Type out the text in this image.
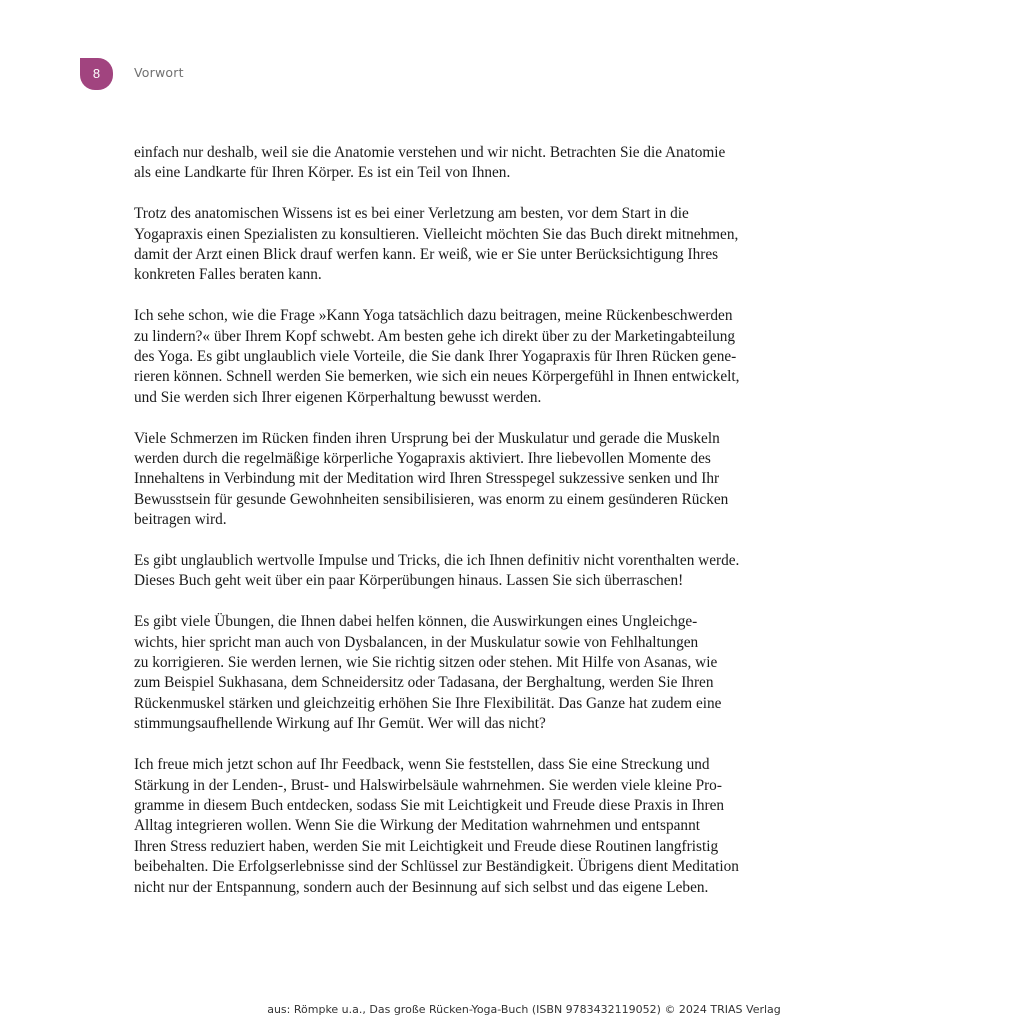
8	Vorwort

einfach nur deshalb, weil sie die Anatomie verstehen und wir nicht. Betrachten Sie die Anatomie
als eine Landkarte für Ihren Körper. Es ist ein Teil von Ihnen.

Trotz des anatomischen Wissens ist es bei einer Verletzung am besten, vor dem Start in die
Yogapraxis einen Spezialisten zu konsultieren. Vielleicht möchten Sie das Buch direkt mitnehmen,
damit der Arzt einen Blick drauf werfen kann. Er weiß, wie er Sie unter Berücksichtigung Ihres
konkreten Falles beraten kann.

Ich sehe schon, wie die Frage »Kann Yoga tatsächlich dazu beitragen, meine Rückenbeschwerden
zu lindern?« über Ihrem Kopf schwebt. Am besten gehe ich direkt über zu der Marketingabteilung
des Yoga. Es gibt unglaublich viele Vorteile, die Sie dank Ihrer Yogapraxis für Ihren Rücken gene-
rieren können. Schnell werden Sie bemerken, wie sich ein neues Körpergefühl in Ihnen entwickelt,
und Sie werden sich Ihrer eigenen Körperhaltung bewusst werden.

Viele Schmerzen im Rücken finden ihren Ursprung bei der Muskulatur und gerade die Muskeln
werden durch die regelmäßige körperliche Yogapraxis aktiviert. Ihre liebevollen Momente des
Innehaltens in Verbindung mit der Meditation wird Ihren Stresspegel sukzessive senken und Ihr
Bewusstsein für gesunde Gewohnheiten sensibilisieren, was enorm zu einem gesünderen Rücken
beitragen wird.

Es gibt unglaublich wertvolle Impulse und Tricks, die ich Ihnen definitiv nicht vorenthalten werde.
Dieses Buch geht weit über ein paar Körperübungen hinaus. Lassen Sie sich überraschen!

Es gibt viele Übungen, die Ihnen dabei helfen können, die Auswirkungen eines Ungleichge-
wichts, hier spricht man auch von Dysbalancen, in der Muskulatur sowie von Fehlhaltungen
zu korrigieren. Sie werden lernen, wie Sie richtig sitzen oder stehen. Mit Hilfe von Asanas, wie
zum Beispiel Sukhasana, dem Schneidersitz oder Tadasana, der Berghaltung, werden Sie Ihren
Rückenmuskel stärken und gleichzeitig erhöhen Sie Ihre Flexibilität. Das Ganze hat zudem eine
stimmungsaufhellende Wirkung auf Ihr Gemüt. Wer will das nicht?

Ich freue mich jetzt schon auf Ihr Feedback, wenn Sie feststellen, dass Sie eine Streckung und
Stärkung in der Lenden-, Brust- und Halswirbelsäule wahrnehmen. Sie werden viele kleine Pro-
gramme in diesem Buch entdecken, sodass Sie mit Leichtigkeit und Freude diese Praxis in Ihren
Alltag integrieren wollen. Wenn Sie die Wirkung der Meditation wahrnehmen und entspannt
Ihren Stress reduziert haben, werden Sie mit Leichtigkeit und Freude diese Routinen langfristig
beibehalten. Die Erfolgserlebnisse sind der Schlüssel zur Beständigkeit. Übrigens dient Meditation
nicht nur der Entspannung, sondern auch der Besinnung auf sich selbst und das eigene Leben.

aus: Römpke u.a., Das große Rücken-Yoga-Buch (ISBN 9783432119052) © 2024 TRIAS Verlag
